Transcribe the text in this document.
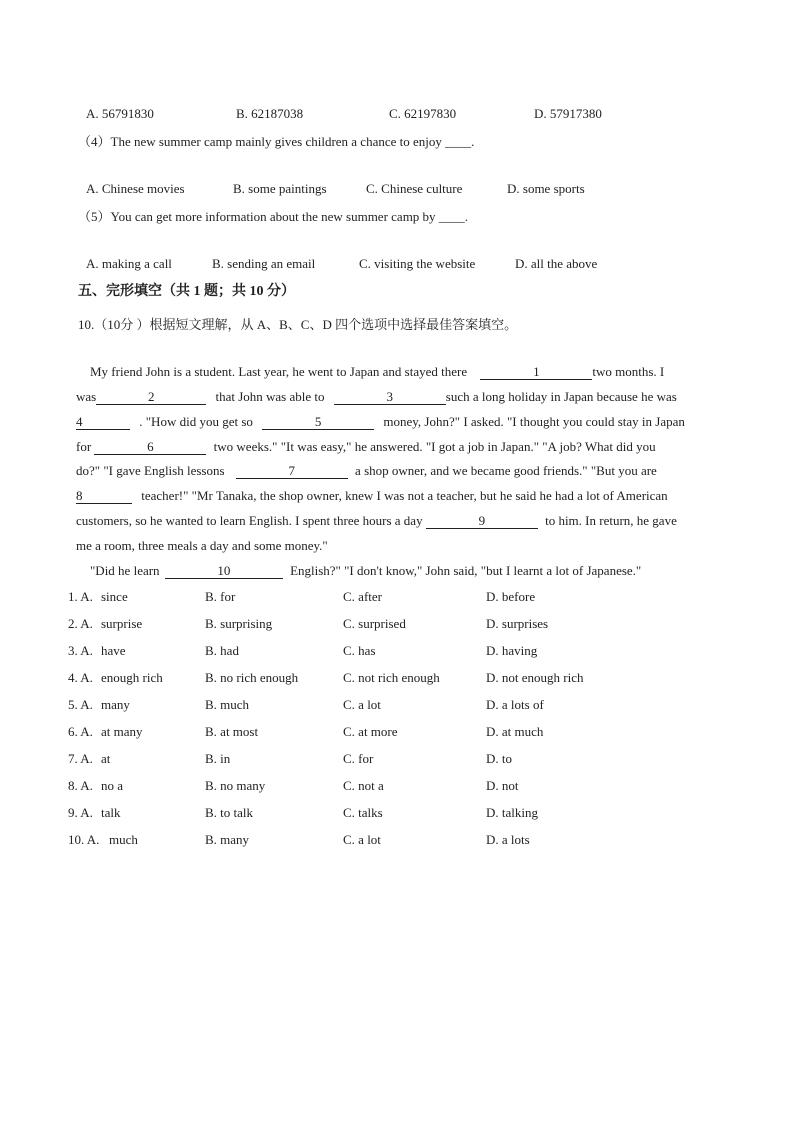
A. 56791830	B. 62187038	C. 62197830	D. 57917380
（4）The new summer camp mainly gives children a chance to enjoy ____.
A. Chinese movies	B. some paintings	C. Chinese culture	D. some sports
（5）You can get more information about the new summer camp by ____.
A. making a call	B. sending an email	C. visiting the website	D. all the above
五、完形填空（共 1 题；共 10 分）
10.（10分 ）根据短文理解，从 A、B、C、D 四个选项中选择最佳答案填空。
My friend John is a student. Last year, he went to Japan and stayed there	1	two months. I
was	2	that John was able to	3	such a long holiday in Japan because he was
4	. "How did you get so	5	money, John?" I asked. "I thought you could stay in Japan
for	6	two weeks." "It was easy," he answered. "I got a job in Japan." "A job? What did you
do?" "I gave English lessons	7	a shop owner, and we became good friends." "But you are
8	teacher!" "Mr Tanaka, the shop owner, knew I was not a teacher, but he said he had a lot of American
customers, so he wanted to learn English. I spent three hours a day	9	to him. In return, he gave
me a room, three meals a day and some money."
"Did he learn	10	English?" "I don't know," John said, "but I learnt a lot of Japanese."
1. A. since	B. for	C. after	D. before
2. A. surprise	B. surprising	C. surprised	D. surprises
3. A. have	B. had	C. has	D. having
4. A. enough rich	B. no rich enough	C. not rich enough	D. not enough rich
5. A. many	B. much	C. a lot	D. a lots of
6. A. at many	B. at most	C. at more	D. at much
7. A. at	B. in	C. for	D. to
8. A. no a	B. no many	C. not a	D. not
9. A. talk	B. to talk	C. talks	D. talking
10. A. much	B. many	C. a lot	D. a lots
